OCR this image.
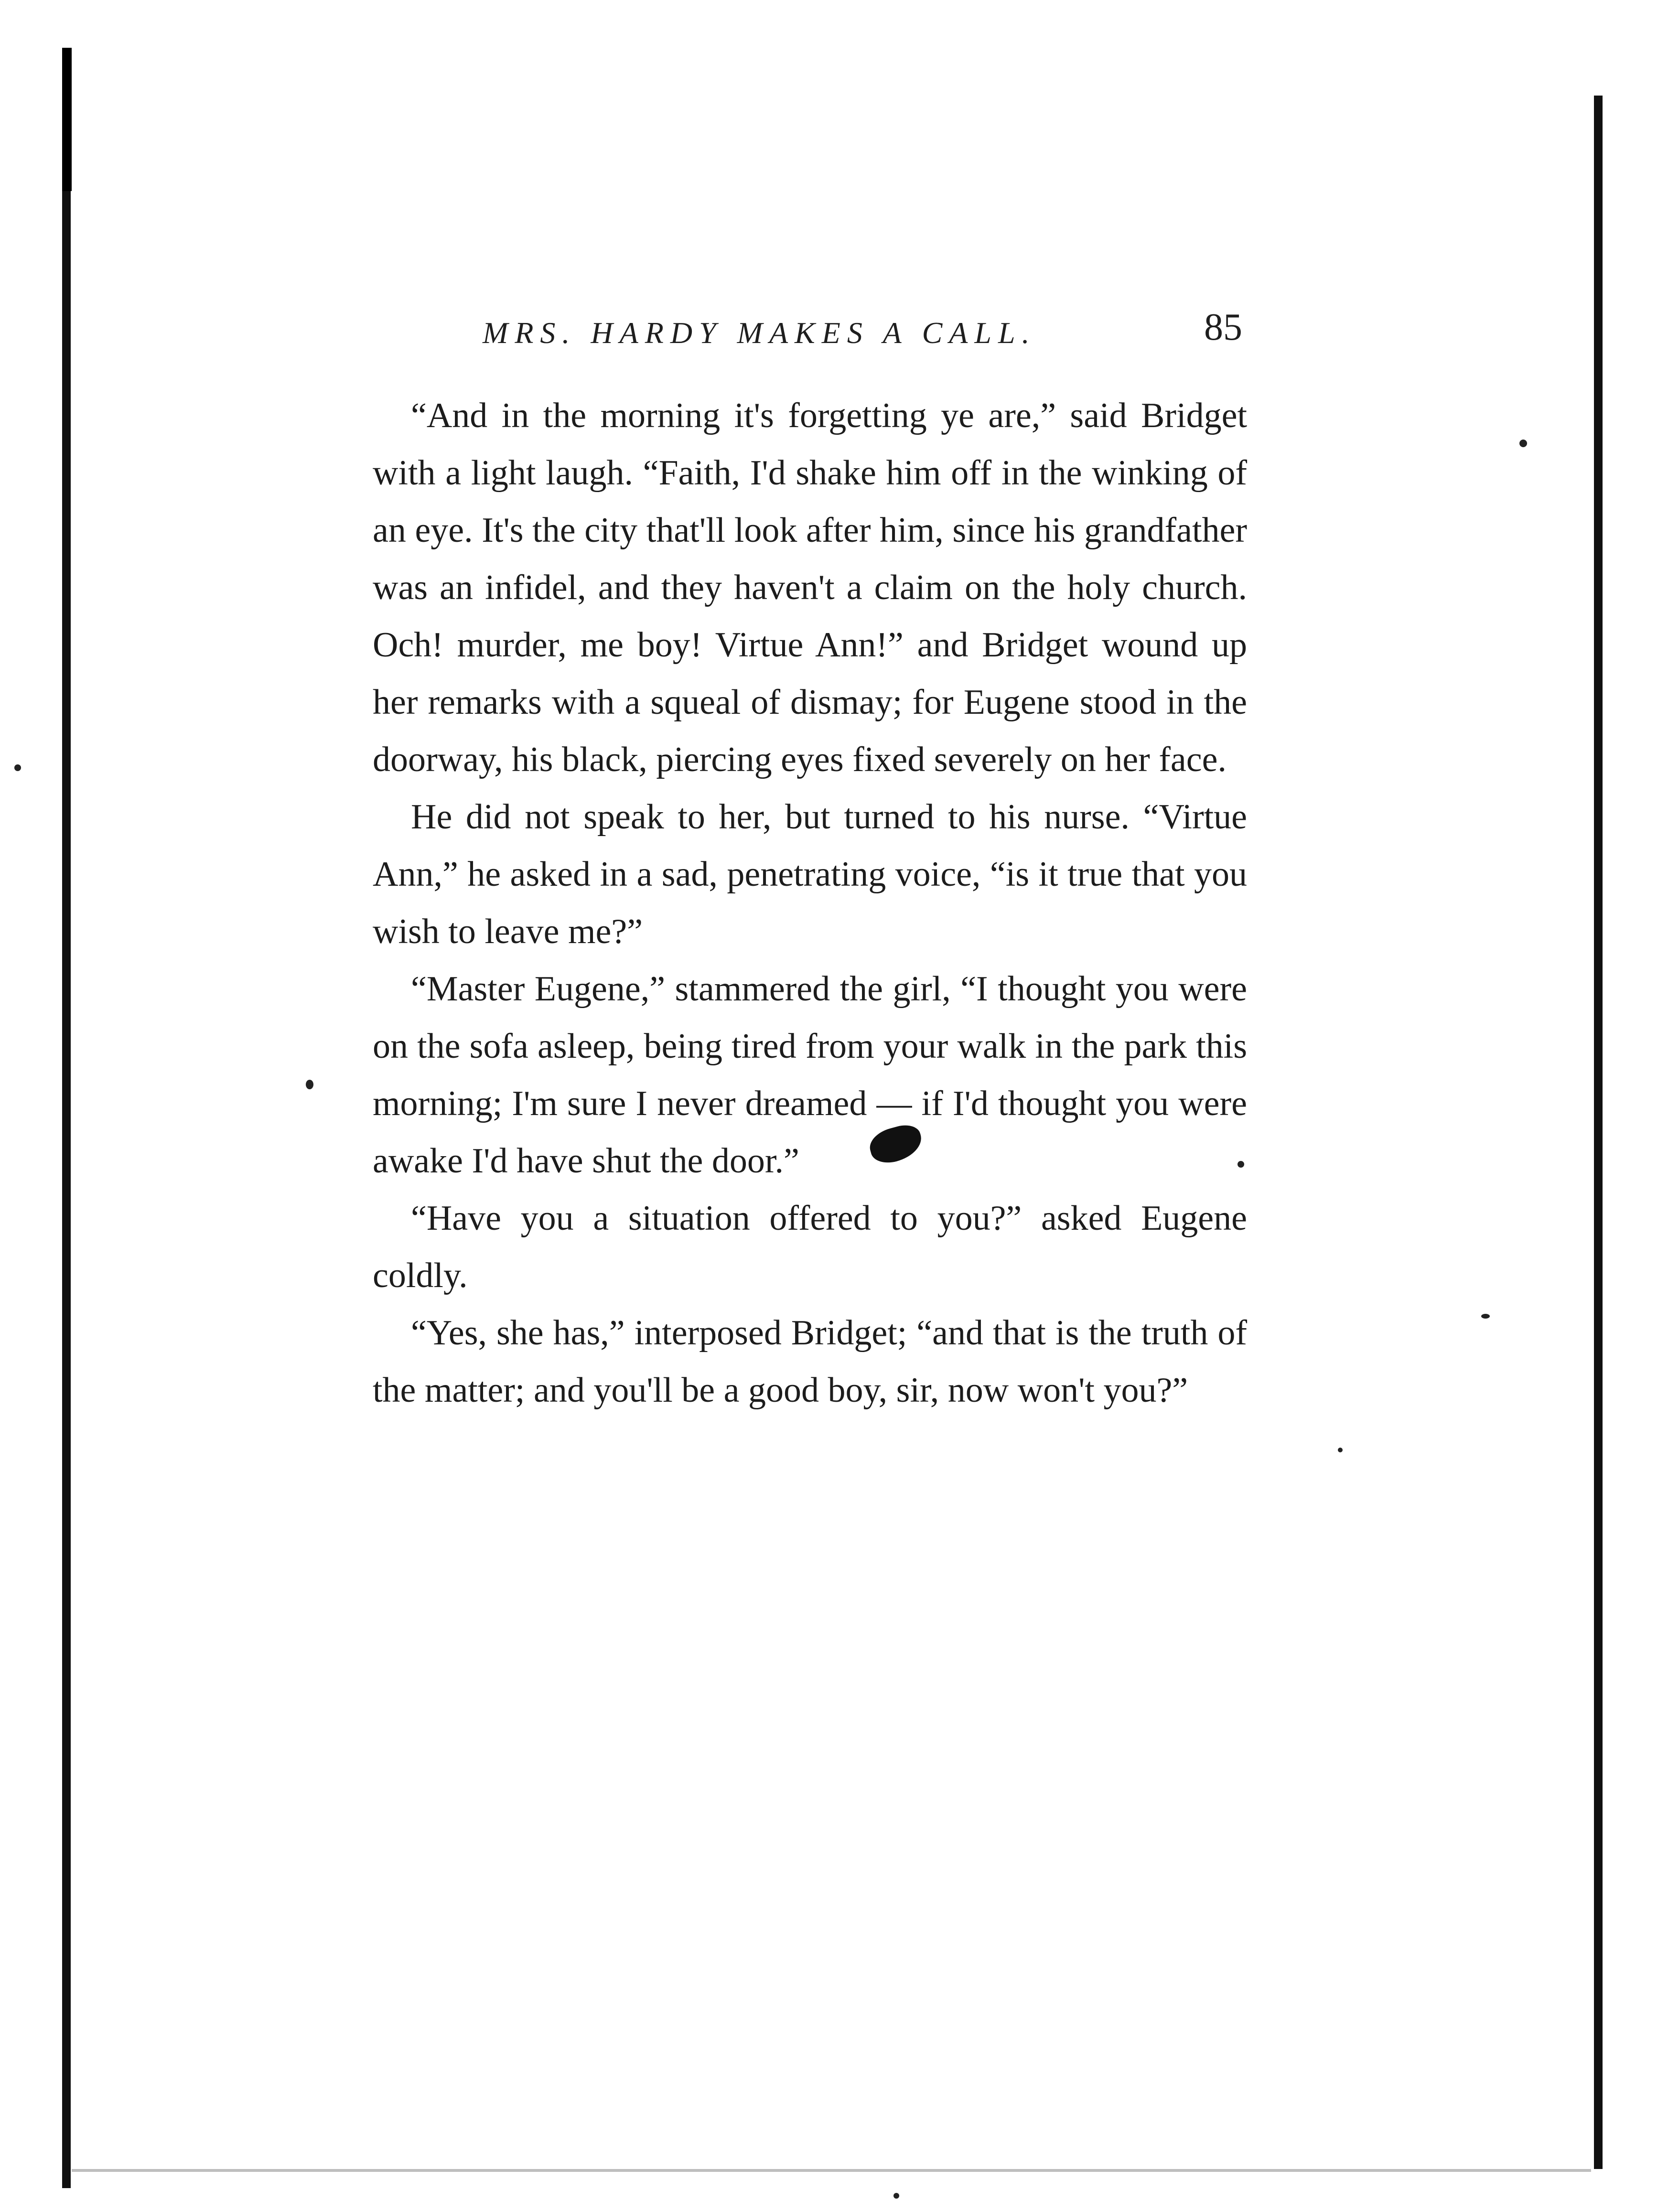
MRS. HARDY MAKES A CALL.	85

“And in the morning it's forgetting ye are,” said Bridget with a light laugh. “Faith, I'd shake him off in the winking of an eye. It's the city that'll look after him, since his grandfather was an infidel, and they haven't a claim on the holy church. Och! murder, me boy! Virtue Ann!” and Bridget wound up her remarks with a squeal of dismay; for Eugene stood in the doorway, his black, piercing eyes fixed severely on her face.

He did not speak to her, but turned to his nurse. “Virtue Ann,” he asked in a sad, penetrating voice, “is it true that you wish to leave me?”

“Master Eugene,” stammered the girl, “I thought you were on the sofa asleep, being tired from your walk in the park this morning; I'm sure I never dreamed — if I'd thought you were awake I'd have shut the door.”

“Have you a situation offered to you?” asked Eugene coldly.

“Yes, she has,” interposed Bridget; “and that is the truth of the matter; and you'll be a good boy, sir, now won't you?”
